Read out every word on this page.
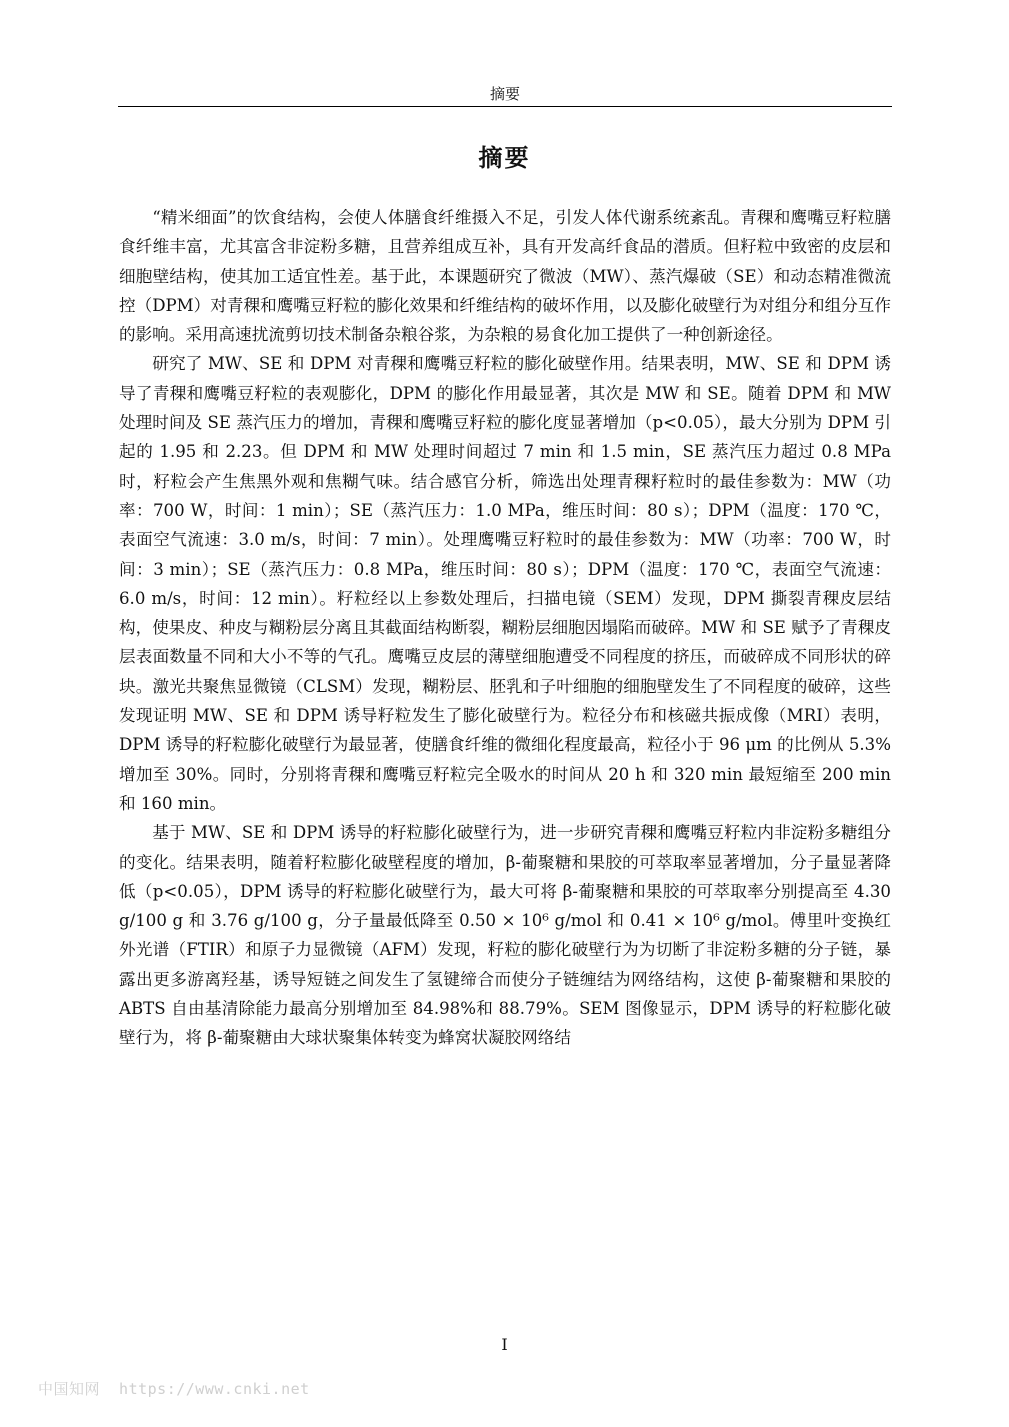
摘要
摘要

“精米细面”的饮食结构，会使人体膳食纤维摄入不足，引发人体代谢系统紊乱。青稞和鹰嘴豆籽粒膳食纤维丰富，尤其富含非淀粉多糖，且营养组成互补，具有开发高纤食品的潜质。但籽粒中致密的皮层和细胞壁结构，使其加工适宜性差。基于此，本课题研究了微波（MW）、蒸汽爆破（SE）和动态精准微流控（DPM）对青稞和鹰嘴豆籽粒的膨化效果和纤维结构的破坏作用，以及膨化破壁行为对组分和组分互作的影响。采用高速扰流剪切技术制备杂粮谷浆，为杂粮的易食化加工提供了一种创新途径。

研究了 MW、SE 和 DPM 对青稞和鹰嘴豆籽粒的膨化破壁作用。结果表明，MW、SE 和 DPM 诱导了青稞和鹰嘴豆籽粒的表观膨化，DPM 的膨化作用最显著，其次是 MW 和 SE。随着 DPM 和 MW 处理时间及 SE 蒸汽压力的增加，青稞和鹰嘴豆籽粒的膨化度显著增加（p<0.05），最大分别为 DPM 引起的 1.95 和 2.23。但 DPM 和 MW 处理时间超过 7 min 和 1.5 min，SE 蒸汽压力超过 0.8 MPa 时，籽粒会产生焦黑外观和焦糊气味。结合感官分析，筛选出处理青稞籽粒时的最佳参数为：MW（功率：700 W，时间：1 min）；SE（蒸汽压力：1.0 MPa，维压时间：80 s）；DPM（温度：170 ℃，表面空气流速：3.0 m/s，时间：7 min）。处理鹰嘴豆籽粒时的最佳参数为：MW（功率：700 W，时间：3 min）；SE（蒸汽压力：0.8 MPa，维压时间：80 s）；DPM（温度：170 ℃，表面空气流速：6.0 m/s，时间：12 min）。籽粒经以上参数处理后，扫描电镜（SEM）发现，DPM 撕裂青稞皮层结构，使果皮、种皮与糊粉层分离且其截面结构断裂，糊粉层细胞因塌陷而破碎。MW 和 SE 赋予了青稞皮层表面数量不同和大小不等的气孔。鹰嘴豆皮层的薄壁细胞遭受不同程度的挤压，而破碎成不同形状的碎块。激光共聚焦显微镜（CLSM）发现，糊粉层、胚乳和子叶细胞的细胞壁发生了不同程度的破碎，这些发现证明 MW、SE 和 DPM 诱导籽粒发生了膨化破壁行为。粒径分布和核磁共振成像（MRI）表明，DPM 诱导的籽粒膨化破壁行为最显著，使膳食纤维的微细化程度最高，粒径小于 96 μm 的比例从 5.3%增加至 30%。同时，分别将青稞和鹰嘴豆籽粒完全吸水的时间从 20 h 和 320 min 最短缩至 200 min 和 160 min。

基于 MW、SE 和 DPM 诱导的籽粒膨化破壁行为，进一步研究青稞和鹰嘴豆籽粒内非淀粉多糖组分的变化。结果表明，随着籽粒膨化破壁程度的增加，β-葡聚糖和果胶的可萃取率显著增加，分子量显著降低（p<0.05），DPM 诱导的籽粒膨化破壁行为，最大可将 β-葡聚糖和果胶的可萃取率分别提高至 4.30 g/100 g 和 3.76 g/100 g，分子量最低降至 0.50 × 10⁶ g/mol 和 0.41 × 10⁶ g/mol。傅里叶变换红外光谱（FTIR）和原子力显微镜（AFM）发现，籽粒的膨化破壁行为为切断了非淀粉多糖的分子链，暴露出更多游离羟基，诱导短链之间发生了氢键缔合而使分子链缠结为网络结构，这使 β-葡聚糖和果胶的 ABTS 自由基清除能力最高分别增加至 84.98%和 88.79%。SEM 图像显示，DPM 诱导的籽粒膨化破壁行为，将 β-葡聚糖由大球状聚集体转变为蜂窝状凝胶网络结

I
中国知网  https://www.cnki.net
